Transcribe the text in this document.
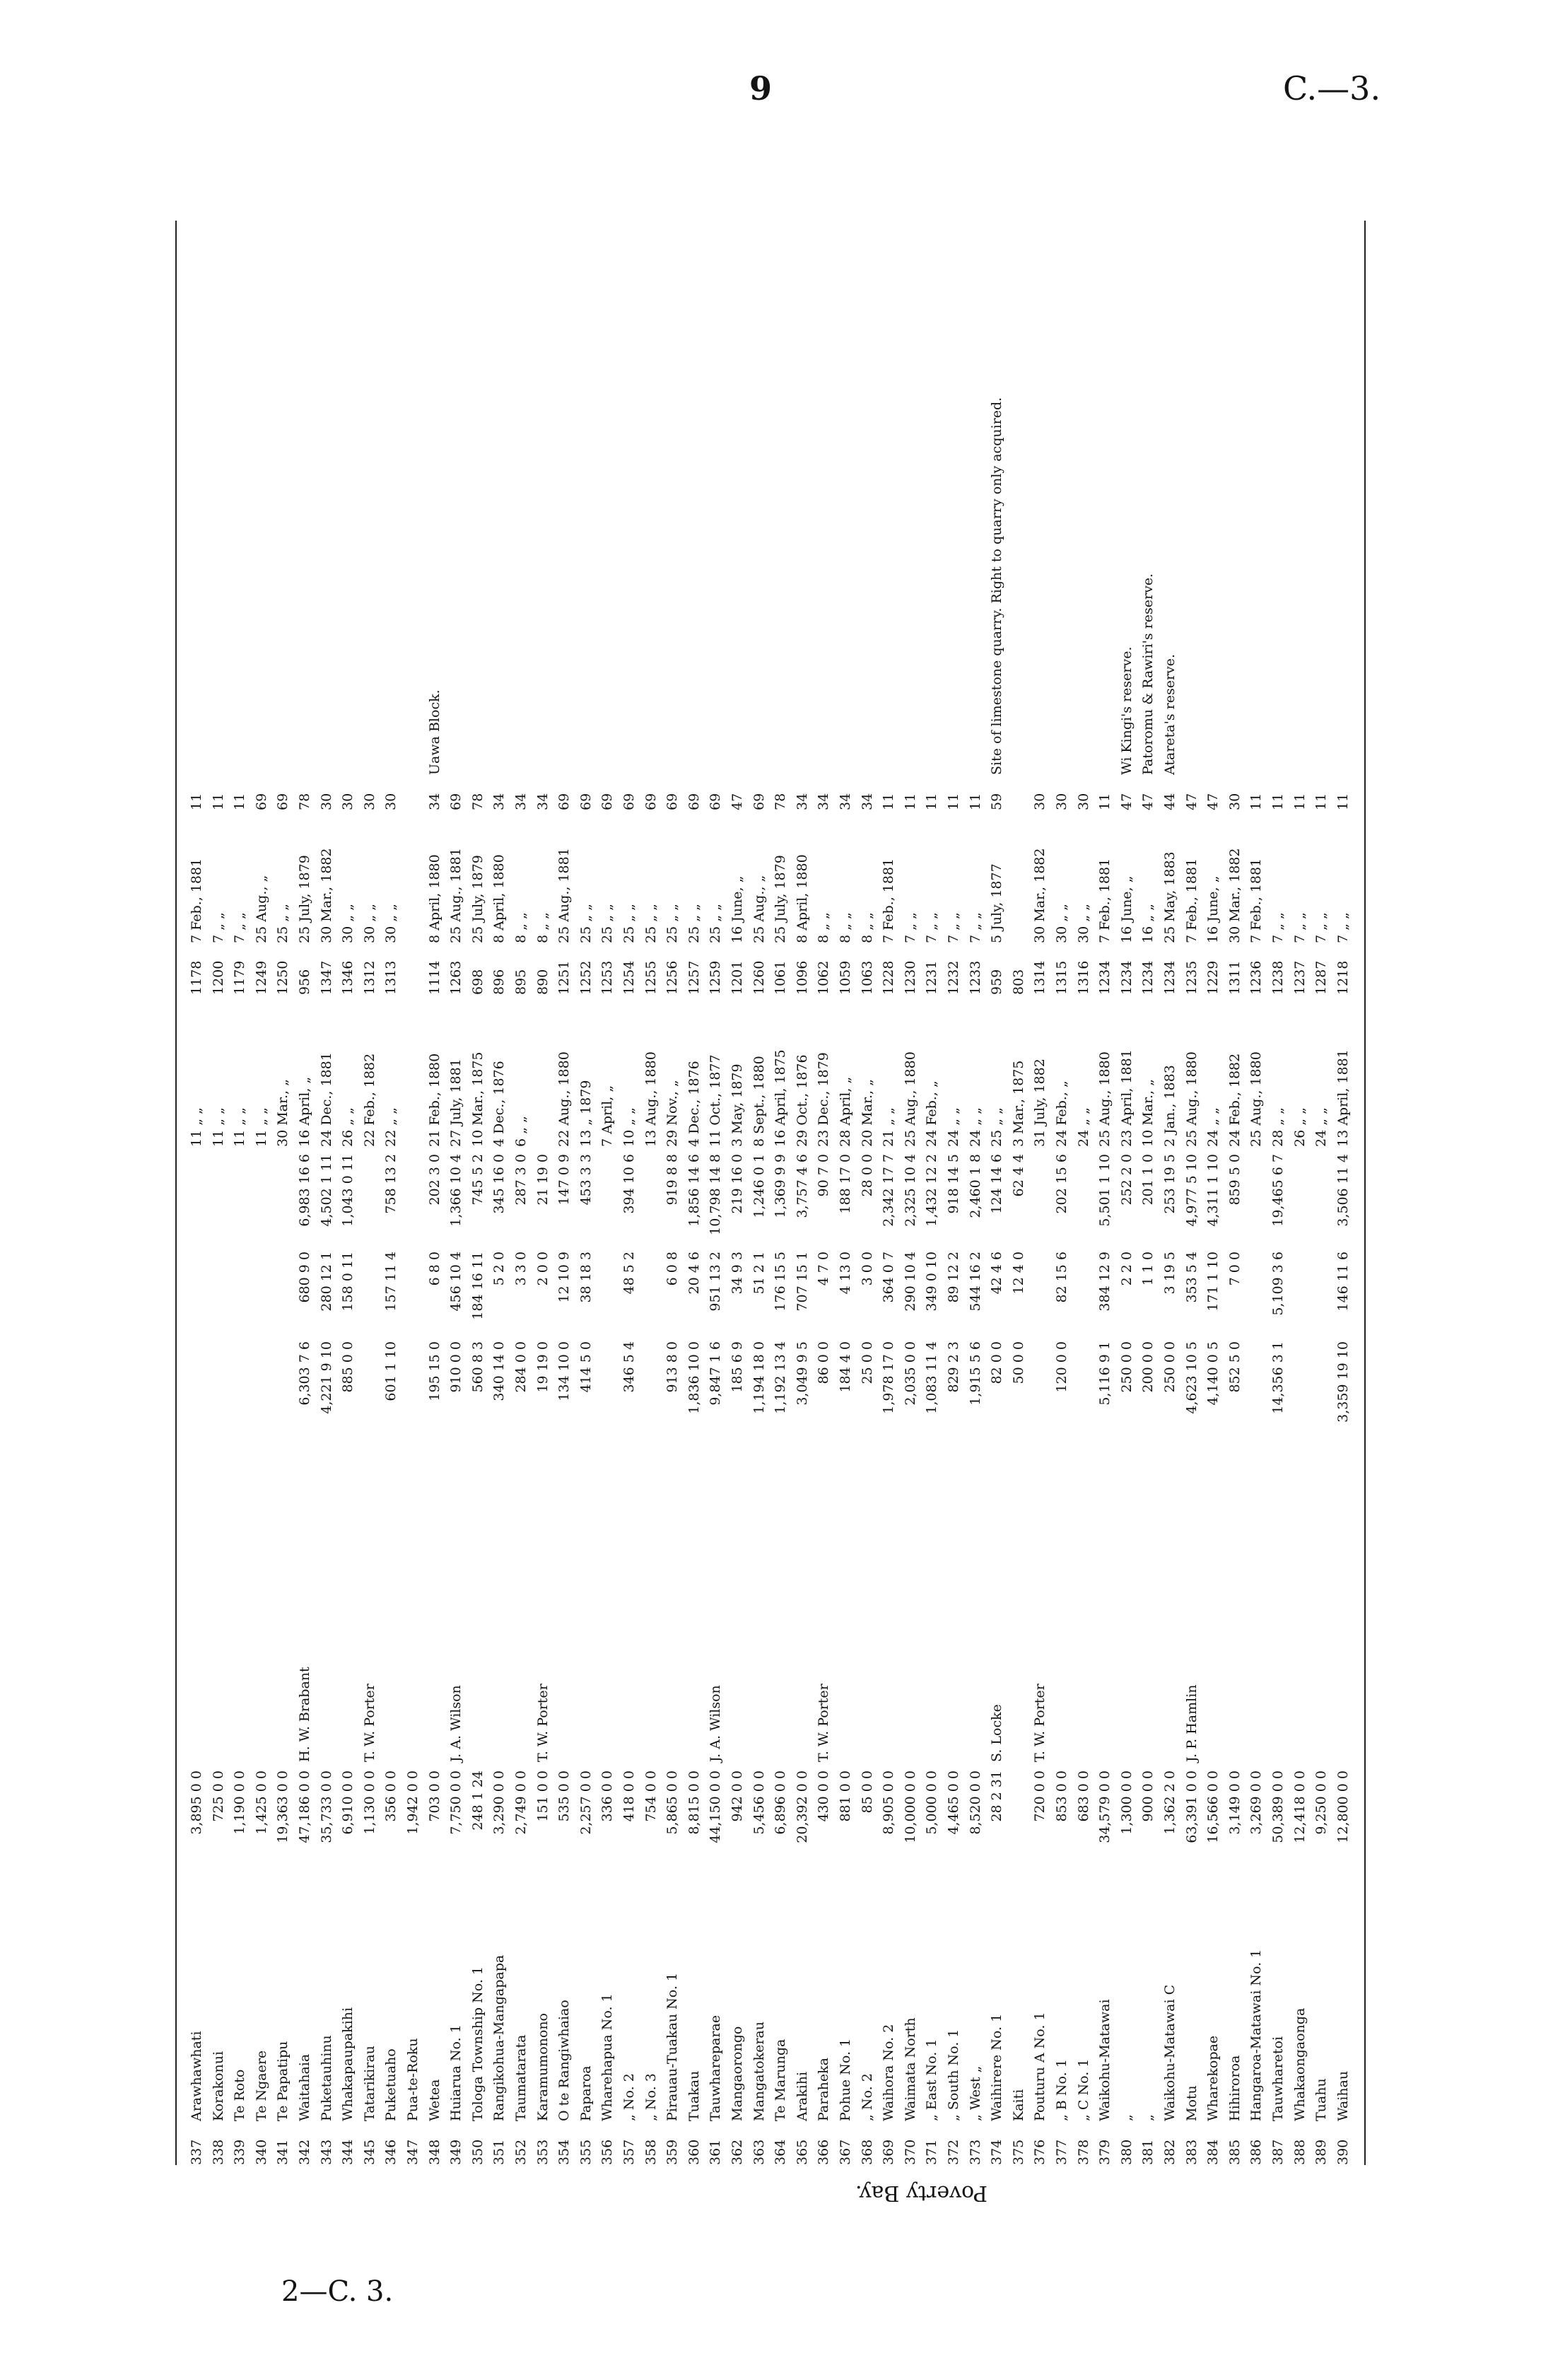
9	C.—3.
Poverty Bay.
2—C. 3.
337
Arawhawhati
3,895 0 0
11 „ „
1178
7 Feb., 1881
11
338
Korakonui
725 0 0
11 „ „
1200
7 „ „
11
339
Te Roto
1,190 0 0
11 „ „
1179
7 „ „
11
340
Te Ngaere
1,425 0 0
11 „ „
1249
25 Aug., „
69
341
Te Papatipu
19,363 0 0
30 Mar., „
1250
25 „ „
69
342
Waitahaia
47,186 0 0
H. W. Brabant
6,303 7 6
680 9 0
6,983 16 6
16 April, „
956
25 July, 1879
78
343
Puketauhinu
35,733 0 0
4,221 9 10
280 12 1
4,502 1 11
24 Dec., 1881
1347
30 Mar., 1882
30
344
Whakapaupakihi
6,910 0 0
885 0 0
158 0 11
1,043 0 11
26 „ „
1346
30 „ „
30
345
Tatarikirau
1,130 0 0
T. W. Porter
22 Feb., 1882
1312
30 „ „
30
346
Puketuaho
356 0 0
601 1 10
157 11 4
758 13 2
22 „ „
1313
30 „ „
30
347
Pua-te-Roku
1,942 0 0
348
Wetea
703 0 0
195 15 0
6 8 0
202 3 0
21 Feb., 1880
1114
8 April, 1880
34
Uawa Block.
349
Huiarua No. 1
7,750 0 0
J. A. Wilson
910 0 0
456 10 4
1,366 10 4
27 July, 1881
1263
25 Aug., 1881
69
350
Tologa Township No. 1
248 1 24
560 8 3
184 16 11
745 5 2
10 Mar., 1875
698
25 July, 1879
78
351
Rangikohua-Mangapapa
3,290 0 0
340 14 0
5 2 0
345 16 0
4 Dec., 1876
896
8 April, 1880
34
352
Taumatarata
2,749 0 0
284 0 0
3 3 0
287 3 0
6 „ „
895
8 „ „
34
353
Karamumonono
151 0 0
T. W. Porter
19 19 0
2 0 0
21 19 0
890
8 „ „
34
354
O te Rangiwhaiao
535 0 0
134 10 0
12 10 9
147 0 9
22 Aug., 1880
1251
25 Aug., 1881
69
355
Paparoa
2,257 0 0
414 5 0
38 18 3
453 3 3
13 „ 1879
1252
25 „ „
69
356
Wharehapua No. 1
336 0 0
7 April, „
1253
25 „ „
69
357
„ No. 2
418 0 0
346 5 4
48 5 2
394 10 6
10 „ „
1254
25 „ „
69
358
„ No. 3
754 0 0
13 Aug., 1880
1255
25 „ „
69
359
Pirauau-Tuakau No. 1
5,865 0 0
913 8 0
6 0 8
919 8 8
29 Nov., „
1256
25 „ „
69
360
Tuakau
8,815 0 0
1,836 10 0
20 4 6
1,856 14 6
4 Dec., 1876
1257
25 „ „
69
361
Tauwhareparae
44,150 0 0
J. A. Wilson
9,847 1 6
951 13 2
10,798 14 8
11 Oct., 1877
1259
25 „ „
69
362
Mangaorongo
942 0 0
185 6 9
34 9 3
219 16 0
3 May, 1879
1201
16 June, „
47
363
Mangatokerau
5,456 0 0
1,194 18 0
51 2 1
1,246 0 1
8 Sept., 1880
1260
25 Aug., „
69
364
Te Marunga
6,896 0 0
1,192 13 4
176 15 5
1,369 9 9
16 April, 1875
1061
25 July, 1879
78
365
Arakihi
20,392 0 0
3,049 9 5
707 15 1
3,757 4 6
29 Oct., 1876
1096
8 April, 1880
34
366
Paraheka
430 0 0
T. W. Porter
86 0 0
4 7 0
90 7 0
23 Dec., 1879
1062
8 „ „
34
367
Pohue No. 1
881 0 0
184 4 0
4 13 0
188 17 0
28 April, „
1059
8 „ „
34
368
„ No. 2
85 0 0
25 0 0
3 0 0
28 0 0
20 Mar., „
1063
8 „ „
34
369
Waihora No. 2
8,905 0 0
1,978 17 0
364 0 7
2,342 17 7
21 „ „
1228
7 Feb., 1881
11
370
Waimata North
10,000 0 0
2,035 0 0
290 10 4
2,325 10 4
25 Aug., 1880
1230
7 „ „
11
371
„ East No. 1
5,000 0 0
1,083 11 4
349 0 10
1,432 12 2
24 Feb., „
1231
7 „ „
11
372
„ South No. 1
4,465 0 0
829 2 3
89 12 2
918 14 5
24 „ „
1232
7 „ „
11
373
„ West „
8,520 0 0
1,915 5 6
544 16 2
2,460 1 8
24 „ „
1233
7 „ „
11
374
Waihirere No. 1
28 2 31
S. Locke
82 0 0
42 4 6
124 14 6
25 „ „
959
5 July, 1877
59
Site of limestone quarry. Right to quarry only acquired.
375
Kaiti
50 0 0
12 4 0
62 4 4
3 Mar., 1875
803
376
Pouturu A No. 1
720 0 0
T. W. Porter
31 July, 1882
1314
30 Mar., 1882
30
377
„ B No. 1
853 0 0
120 0 0
82 15 6
202 15 6
24 Feb., „
1315
30 „ „
30
378
„ C No. 1
683 0 0
24 „ „
1316
30 „ „
30
379
Waikohu-Matawai
34,579 0 0
5,116 9 1
384 12 9
5,501 1 10
25 Aug., 1880
1234
7 Feb., 1881
11
380
„
1,300 0 0
250 0 0
2 2 0
252 2 0
23 April, 1881
1234
16 June, „
47
Wi Kingi's reserve.
381
„
900 0 0
200 0 0
1 1 0
201 1 0
10 Mar., „
1234
16 „ „
47
Patoromu & Rawiri's reserve.
382
Waikohu-Matawai C
1,362 2 0
250 0 0
3 19 5
253 19 5
2 Jan., 1883
1234
25 May, 1883
44
Atareta's reserve.
383
Motu
63,391 0 0
J. P. Hamlin
4,623 10 5
353 5 4
4,977 5 10
25 Aug., 1880
1235
7 Feb., 1881
47
384
Wharekopae
16,566 0 0
4,140 0 5
171 1 10
4,311 1 10
24 „ „
1229
16 June, „
47
385
Hihiroroa
3,149 0 0
852 5 0
7 0 0
859 5 0
24 Feb., 1882
1311
30 Mar., 1882
30
386
Hangaroa-Matawai No. 1
3,269 0 0
25 Aug., 1880
1236
7 Feb., 1881
11
387
Tauwharetoi
50,389 0 0
14,356 3 1
5,109 3 6
19,465 6 7
28 „ „
1238
7 „ „
11
388
Whakaongaonga
12,418 0 0
26 „ „
1237
7 „ „
11
389
Tuahu
9,250 0 0
24 „ „
1287
7 „ „
11
390
Waihau
12,800 0 0
3,359 19 10
146 11 6
3,506 11 4
13 April, 1881
1218
7 „ „
11
